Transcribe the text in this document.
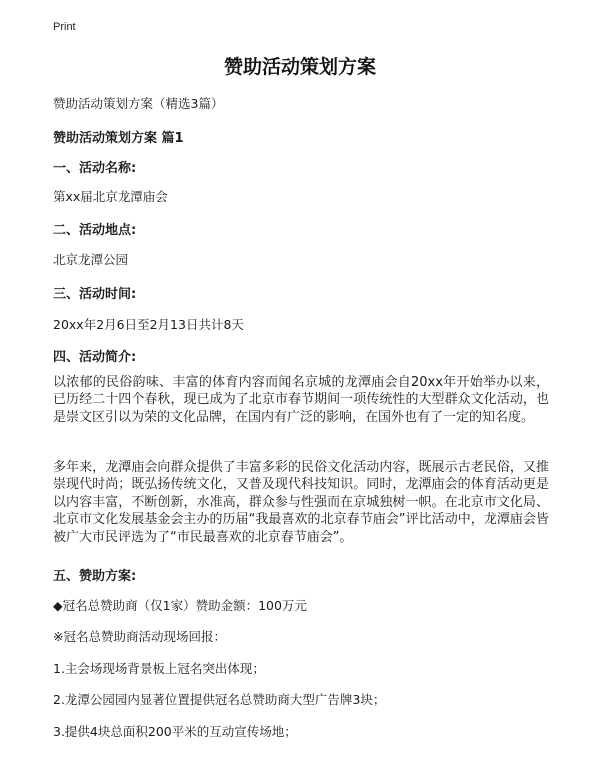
Print
赞助活动策划方案
赞助活动策划方案（精选3篇）
赞助活动策划方案 篇1
一、活动名称:
第xx届北京龙潭庙会
二、活动地点:
北京龙潭公园
三、活动时间:
20xx年2月6日至2月13日共计8天
四、活动简介:
以浓郁的民俗韵味、丰富的体育内容而闻名京城的龙潭庙会自20xx年开始举办以来，已历经二十四个春秋，现已成为了北京市春节期间一项传统性的大型群众文化活动，也是崇文区引以为荣的文化品牌，在国内有广泛的影响，在国外也有了一定的知名度。
多年来，龙潭庙会向群众提供了丰富多彩的民俗文化活动内容，既展示古老民俗，又推崇现代时尚；既弘扬传统文化，又普及现代科技知识。同时，龙潭庙会的体育活动更是以内容丰富，不断创新，水准高，群众参与性强而在京城独树一帜。在北京市文化局、北京市文化发展基金会主办的历届“我最喜欢的北京春节庙会”评比活动中，龙潭庙会皆被广大市民评选为了“市民最喜欢的北京春节庙会”。
五、赞助方案:
◆冠名总赞助商（仅1家）赞助金额：100万元
※冠名总赞助商活动现场回报：
1.主会场现场背景板上冠名突出体现；
2.龙潭公园园内显著位置提供冠名总赞助商大型广告牌3块；
3.提供4块总面积200平米的互动宣传场地；
